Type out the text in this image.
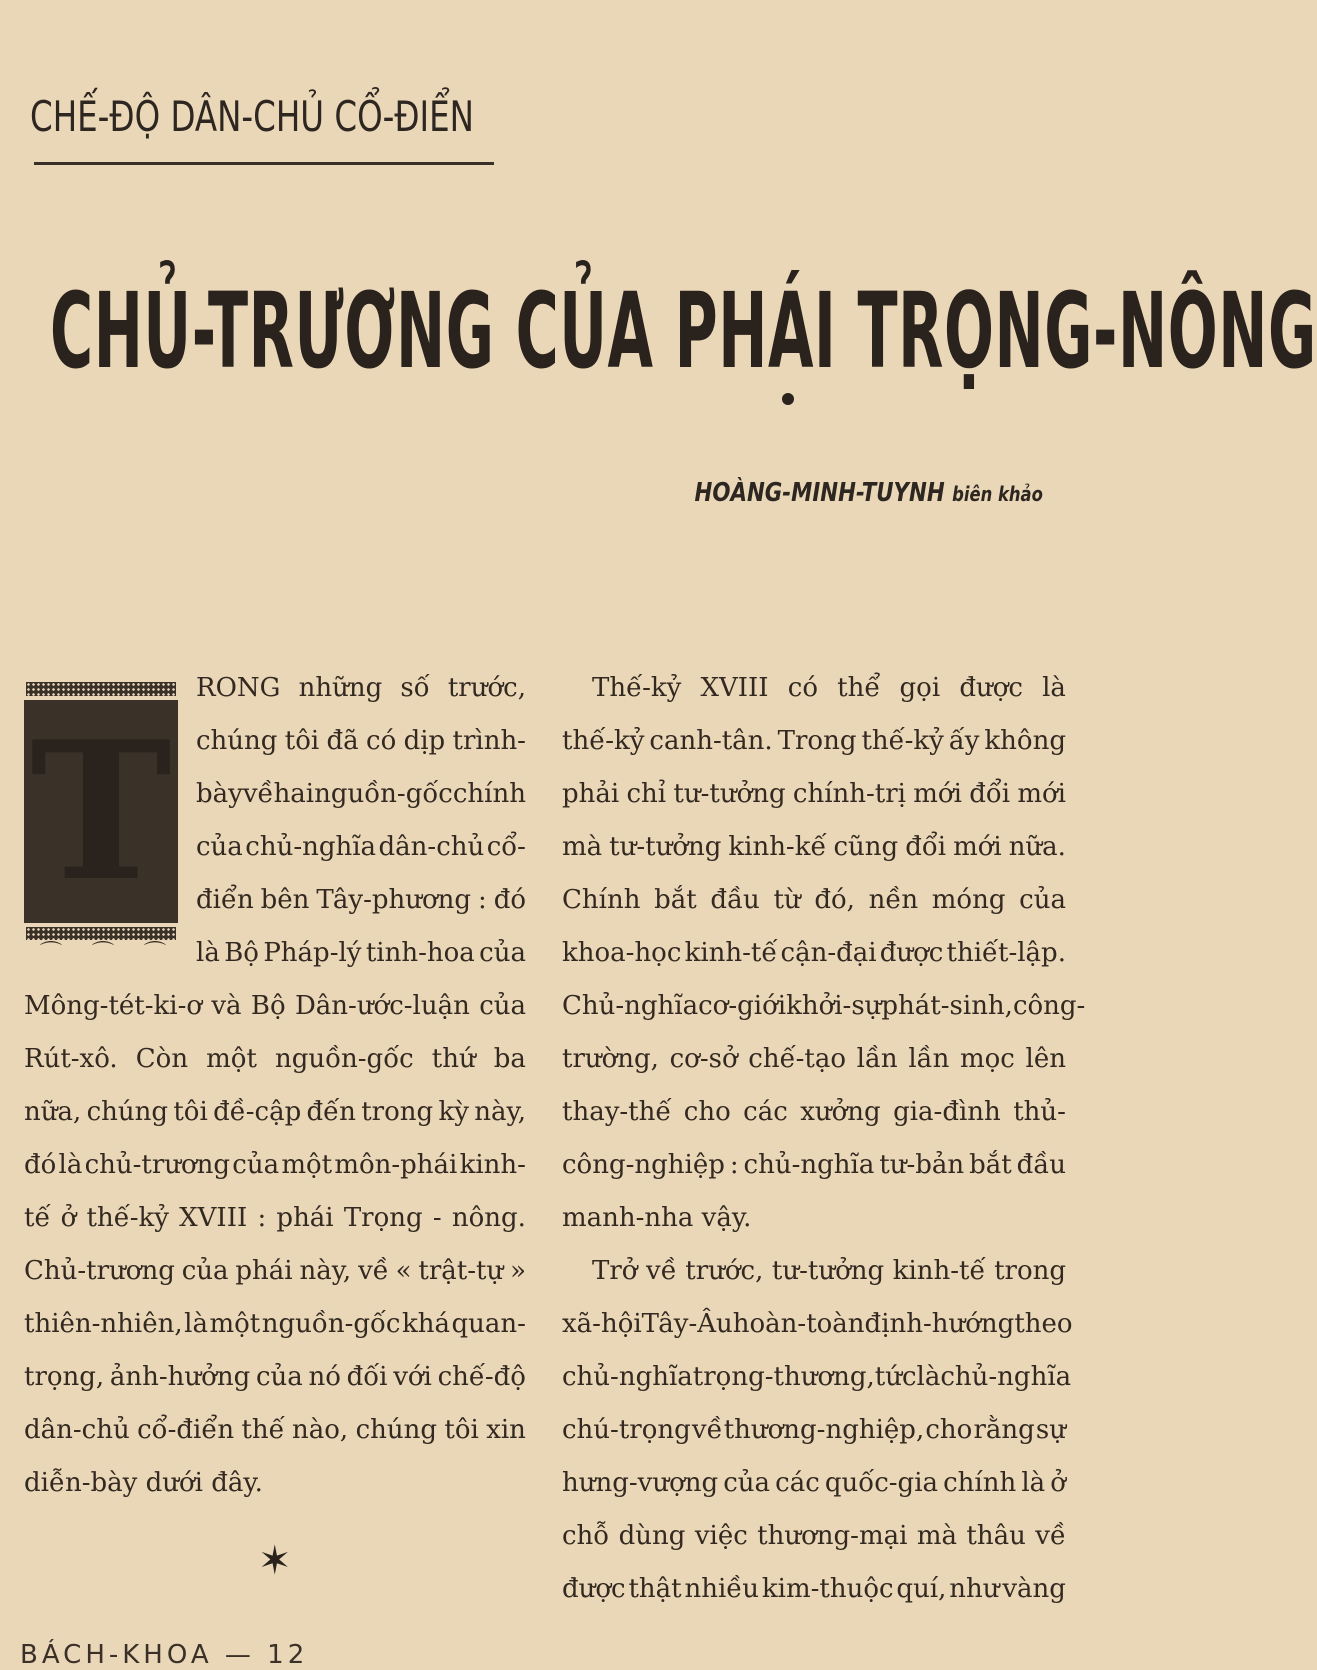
CHẾ-ĐỘ DÂN-CHỦ CỔ-ĐIỂN
CHỦ-TRƯƠNG CỦA PHÁI TRỌNG-NÔNG
HOÀNG-MINH-TUYNH biên khảo
T
⌒⌒⌒
RONG những số trước,
chúng tôi đã có dịp trình-
bày về hai nguồn-gốc chính
của chủ-nghĩa dân-chủ cổ-
điển bên Tây-phương : đó
là Bộ Pháp-lý tinh-hoa của
Mông-tét-ki-ơ và Bộ Dân-ước-luận của
Rút-xô. Còn một nguồn-gốc thứ ba
nữa, chúng tôi đề-cập đến trong kỳ này,
đó là chủ-trương của một môn-phái kinh-
tế ở thế-kỷ XVIII : phái Trọng - nông.
Chủ-trương của phái này, về « trật-tự »
thiên-nhiên, là một nguồn-gốc khá quan-
trọng, ảnh-hưởng của nó đối với chế-độ
dân-chủ cổ-điển thế nào, chúng tôi xin
diễn-bày dưới đây.
✶
Thế-kỷ XVIII có thể gọi được là
thế-kỷ canh-tân. Trong thế-kỷ ấy không
phải chỉ tư-tưởng chính-trị mới đổi mới
mà tư-tưởng kinh-kế cũng đổi mới nữa.
Chính bắt đầu từ đó, nền móng của
khoa-học kinh-tế cận-đại được thiết-lập.
Chủ-nghĩa cơ-giới khởi-sự phát-sinh, công-
trường, cơ-sở chế-tạo lần lần mọc lên
thay-thế cho các xưởng gia-đình thủ-
công-nghiệp : chủ-nghĩa tư-bản bắt đầu
manh-nha vậy.
Trở về trước, tư-tưởng kinh-tế trong
xã-hội Tây-Âu hoàn-toàn định-hướng theo
chủ-nghĩa trọng-thương, tức là chủ-nghĩa
chú-trọng về thương-nghiệp, cho rằng sự
hưng-vượng của các quốc-gia chính là ở
chỗ dùng việc thương-mại mà thâu về
được thật nhiều kim-thuộc quí, như vàng
BÁCH-KHOA — 12
